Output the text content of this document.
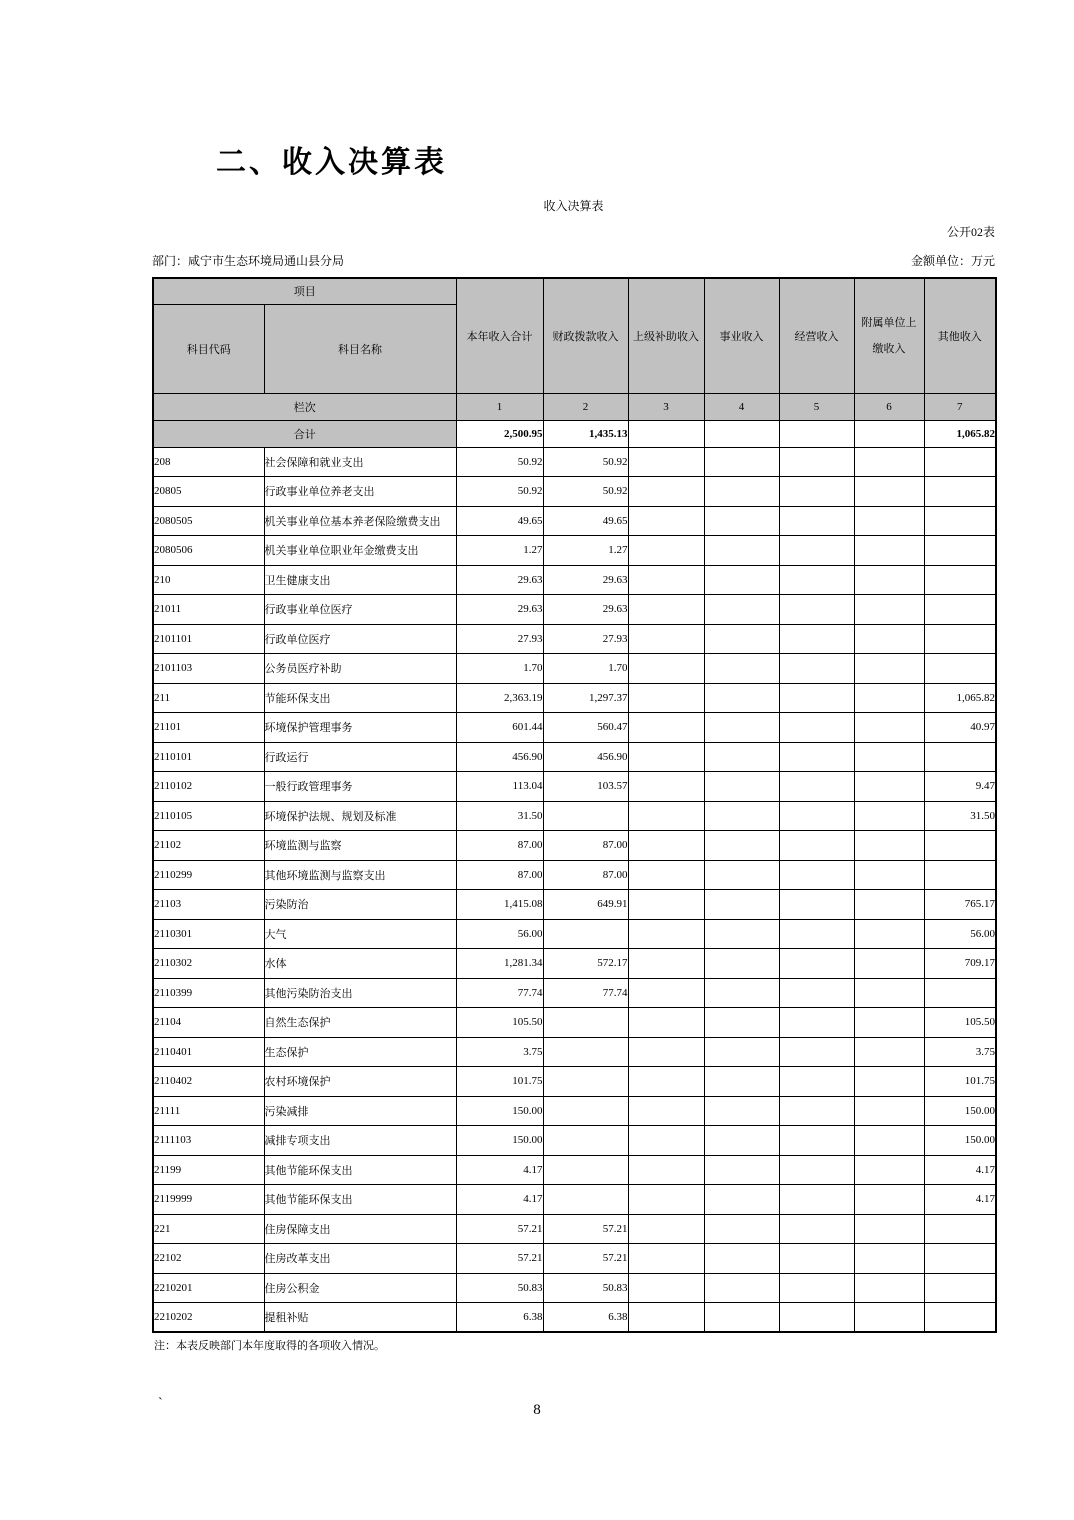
二、收入决算表
收入决算表
公开02表
部门：咸宁市生态环境局通山县分局	金额单位：万元
项目		本年收入合计	财政拨款收入	上级补助收入	事业收入	经营收入	附属单位上缴收入	其他收入
科目代码	科目名称							
栏次		1	2	3	4	5	6	7
合计		2,500.95	1,435.13					1,065.82
208	社会保障和就业支出	50.92	50.92					
20805	行政事业单位养老支出	50.92	50.92					
2080505	机关事业单位基本养老保险缴费支出	49.65	49.65					
2080506	机关事业单位职业年金缴费支出	1.27	1.27					
210	卫生健康支出	29.63	29.63					
21011	行政事业单位医疗	29.63	29.63					
2101101	行政单位医疗	27.93	27.93					
2101103	公务员医疗补助	1.70	1.70					
211	节能环保支出	2,363.19	1,297.37					1,065.82
21101	环境保护管理事务	601.44	560.47					40.97
2110101	行政运行	456.90	456.90					
2110102	一般行政管理事务	113.04	103.57					9.47
2110105	环境保护法规、规划及标准	31.50						31.50
21102	环境监测与监察	87.00	87.00					
2110299	其他环境监测与监察支出	87.00	87.00					
21103	污染防治	1,415.08	649.91					765.17
2110301	大气	56.00						56.00
2110302	水体	1,281.34	572.17					709.17
2110399	其他污染防治支出	77.74	77.74					
21104	自然生态保护	105.50						105.50
2110401	生态保护	3.75						3.75
2110402	农村环境保护	101.75						101.75
21111	污染减排	150.00						150.00
2111103	减排专项支出	150.00						150.00
21199	其他节能环保支出	4.17						4.17
2119999	其他节能环保支出	4.17						4.17
221	住房保障支出	57.21	57.21					
22102	住房改革支出	57.21	57.21					
2210201	住房公积金	50.83	50.83					
2210202	提租补贴	6.38	6.38					
注：本表反映部门本年度取得的各项收入情况。
`	8
